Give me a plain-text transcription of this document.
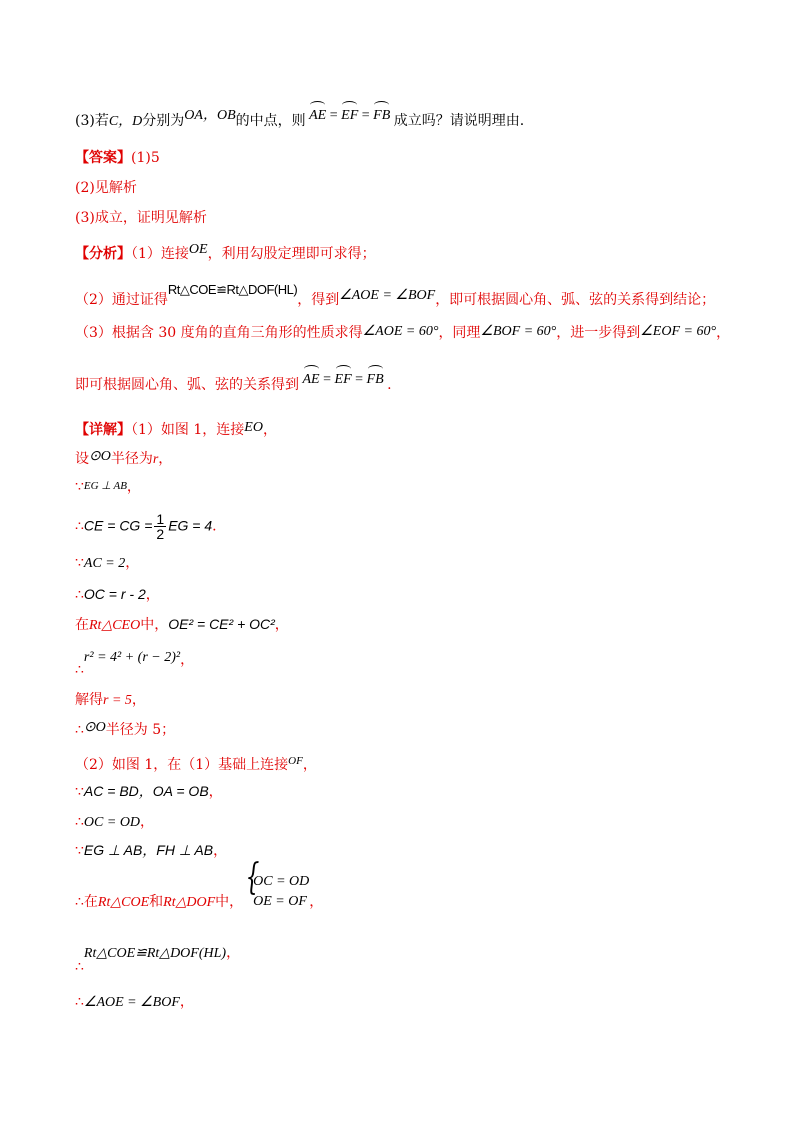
(3)若C，D分别为OA，OB的中点，则 AE = EF = FB 成立吗？请说明理由.
【答案】(1)5
(2)见解析
(3)成立，证明见解析
【分析】（1）连接OE，利用勾股定理即可求得；
（2）通过证得Rt△COE≌Rt△DOF(HL)，得到∠AOE = ∠BOF，即可根据圆心角、弧、弦的关系得到结论；
（3）根据含 30 度角的直角三角形的性质求得∠AOE = 60°，同理∠BOF = 60°，进一步得到∠EOF = 60°，
即可根据圆心角、弧、弦的关系得到 AE = EF = FB .
【详解】（1）如图 1，连接EO，
设⊙O半径为r，
∵EG ⊥ AB，
∴CE = CG = $\frac{1}{2}$ EG = 4.
∵AC = 2，
∴OC = r - 2，
在Rt△CEO中，OE² = CE² + OC²，
∴r² = 4² + (r − 2)²，
解得r = 5，
∴⊙O半径为 5；
（2）如图 1，在（1）基础上连接$^{OF}$，
∵AC = BD，OA = OB，
∴OC = OD，
∵EG ⊥ AB，FH ⊥ AB，
∴在Rt△COE和Rt△DOF中，
{ OC = OD
OE = OF ，
∴Rt△COE≌Rt△DOF(HL)，
∴∠AOE = ∠BOF，
